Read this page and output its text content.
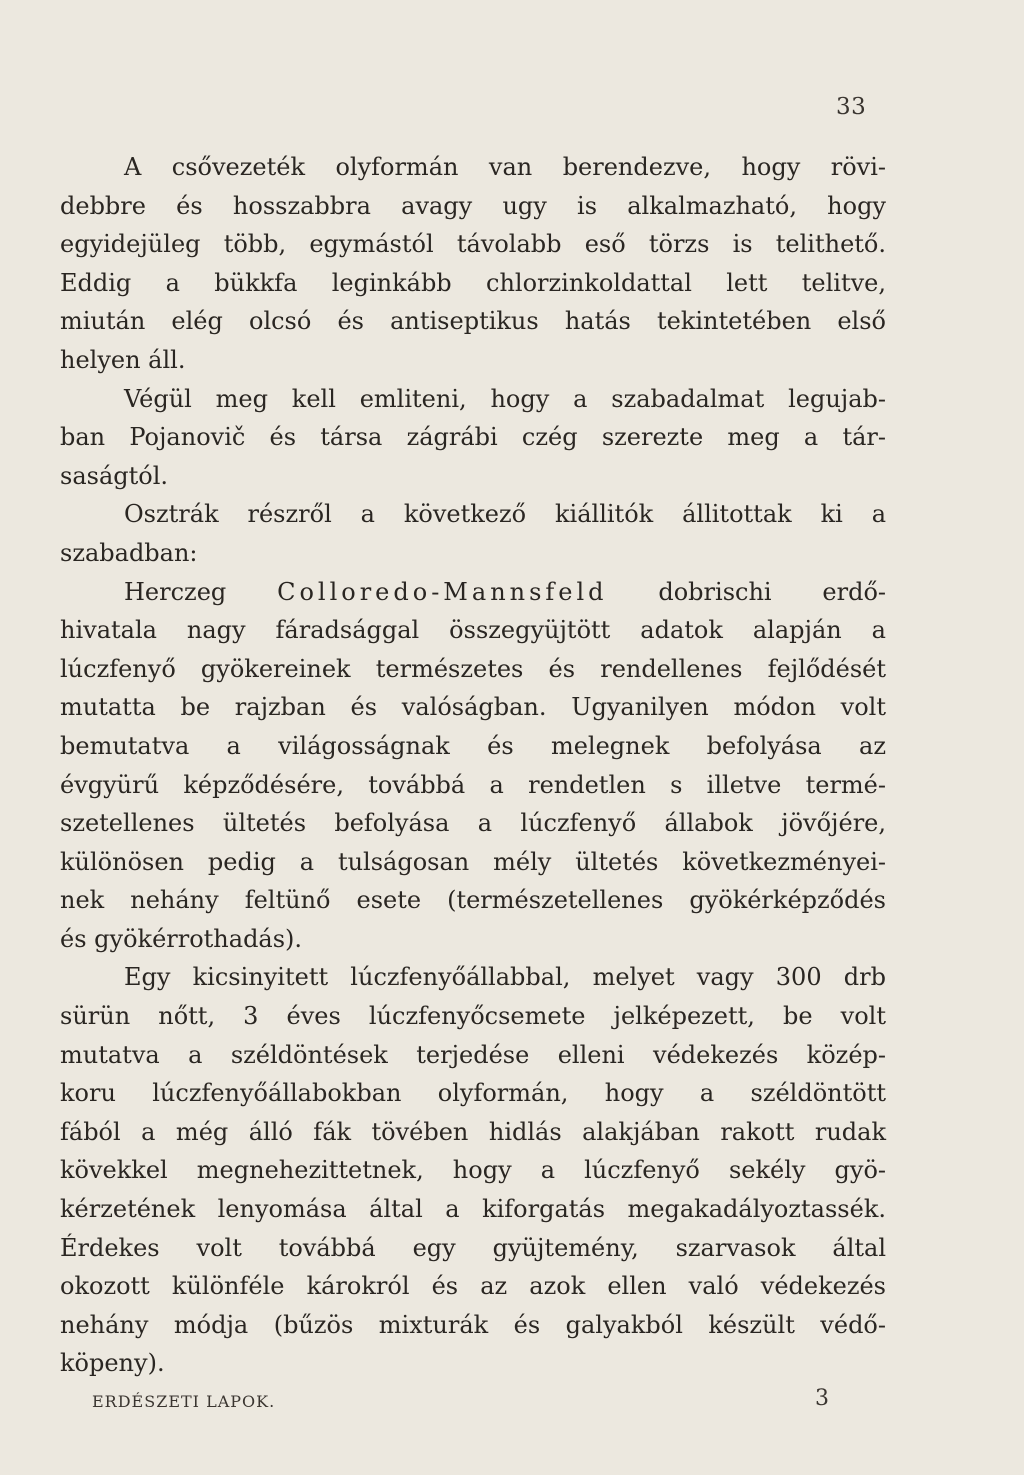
33
A csővezeték olyformán van berendezve, hogy rövi-
debbre és hosszabbra avagy ugy is alkalmazható, hogy
egyidejüleg több, egymástól távolabb eső törzs is telithető.
Eddig a bükkfa leginkább chlorzinkoldattal lett telitve,
miután elég olcsó és antiseptikus hatás tekintetében első
helyen áll.
Végül meg kell emliteni, hogy a szabadalmat legujab-
ban Pojanovič és társa zágrábi czég szerezte meg a tár-
saságtól.
Osztrák részről a következő kiállitók állitottak ki a
szabadban:
Herczeg Colloredo-Mannsfeld dobrischi erdő-
hivatala nagy fáradsággal összegyüjtött adatok alapján a
lúczfenyő gyökereinek természetes és rendellenes fejlődését
mutatta be rajzban és valóságban. Ugyanilyen módon volt
bemutatva a világosságnak és melegnek befolyása az
évgyürű képződésére, továbbá a rendetlen s illetve termé-
szetellenes ültetés befolyása a lúczfenyő állabok jövőjére,
különösen pedig a tulságosan mély ültetés következményei-
nek nehány feltünő esete (természetellenes gyökérképződés
és gyökérrothadás).
Egy kicsinyitett lúczfenyőállabbal, melyet vagy 300 drb
sürün nőtt, 3 éves lúczfenyőcsemete jelképezett, be volt
mutatva a széldöntések terjedése elleni védekezés közép-
koru lúczfenyőállabokban olyformán, hogy a széldöntött
fából a még álló fák tövében hidlás alakjában rakott rudak
kövekkel megnehezittetnek, hogy a lúczfenyő sekély gyö-
kérzetének lenyomása által a kiforgatás megakadályoztassék.
Érdekes volt továbbá egy gyüjtemény, szarvasok által
okozott különféle károkról és az azok ellen való védekezés
nehány módja (bűzös mixturák és galyakból készült védő-
köpeny).
ERDÉSZETI LAPOK.	3
